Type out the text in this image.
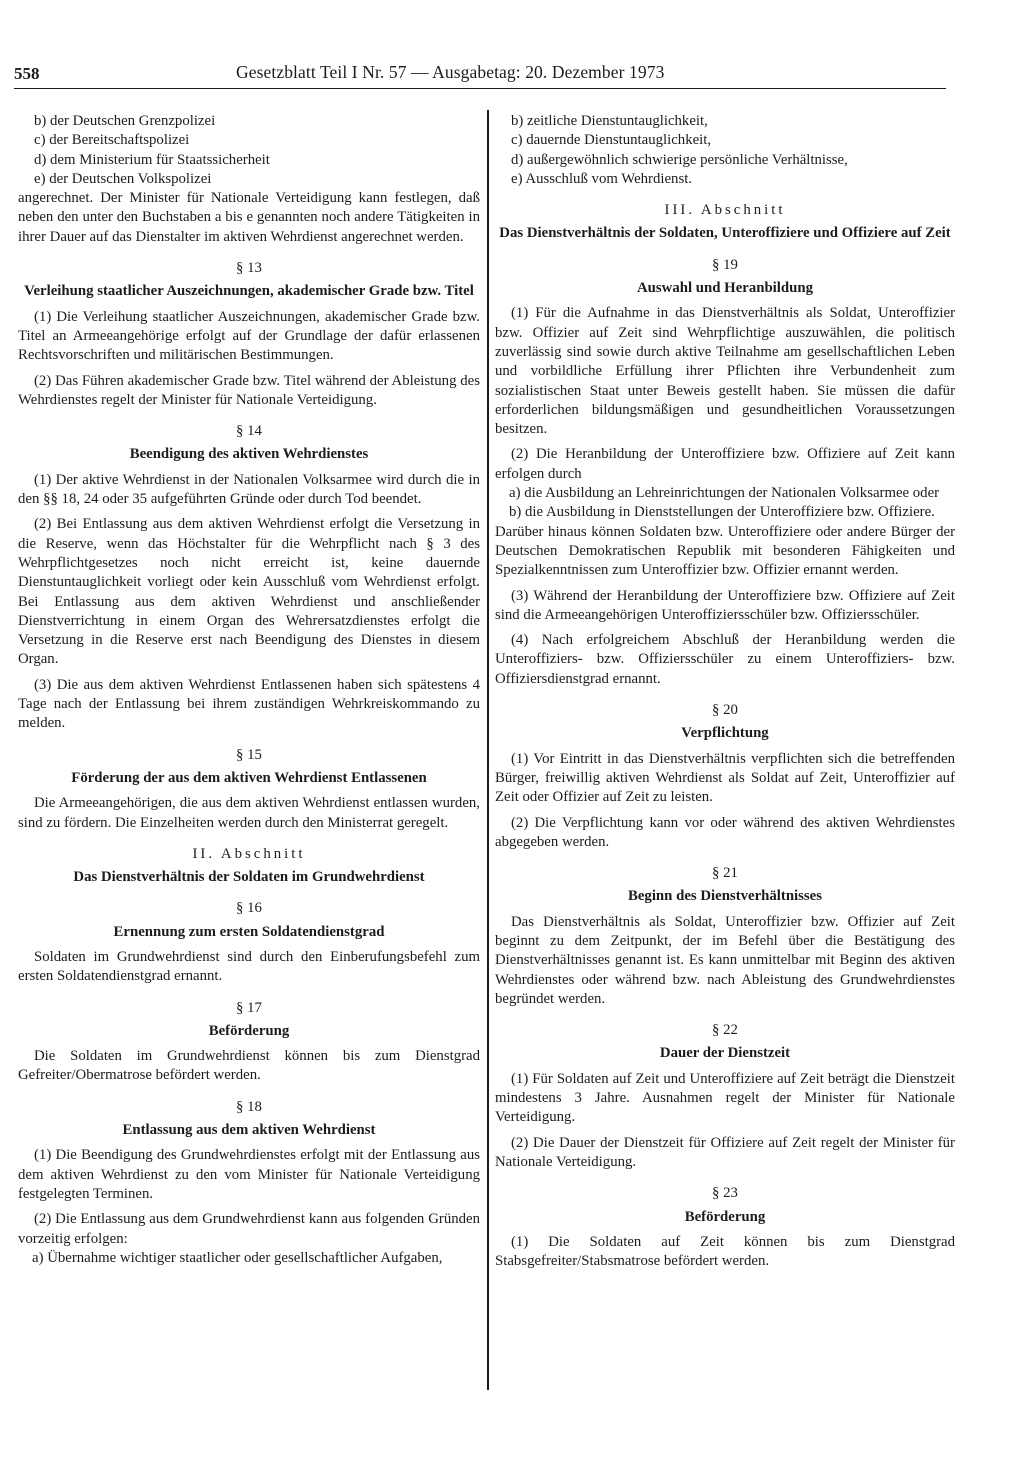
558	Gesetzblatt Teil I Nr. 57 — Ausgabetag: 20. Dezember 1973

b) der Deutschen Grenzpolizei

c) der Bereitschaftspolizei

d) dem Ministerium für Staatssicherheit

e) der Deutschen Volkspolizei

angerechnet. Der Minister für Nationale Verteidigung kann festlegen, daß neben den unter den Buchstaben a bis e genannten noch andere Tätigkeiten in ihrer Dauer auf das Dienstalter im aktiven Wehrdienst angerechnet werden.

§ 13

Verleihung staatlicher Auszeichnungen, akademischer Grade bzw. Titel

(1) Die Verleihung staatlicher Auszeichnungen, akademischer Grade bzw. Titel an Armeeangehörige erfolgt auf der Grundlage der dafür erlassenen Rechtsvorschriften und militärischen Bestimmungen.

(2) Das Führen akademischer Grade bzw. Titel während der Ableistung des Wehrdienstes regelt der Minister für Nationale Verteidigung.

§ 14

Beendigung des aktiven Wehrdienstes

(1) Der aktive Wehrdienst in der Nationalen Volksarmee wird durch die in den §§ 18, 24 oder 35 aufgeführten Gründe oder durch Tod beendet.

(2) Bei Entlassung aus dem aktiven Wehrdienst erfolgt die Versetzung in die Reserve, wenn das Höchstalter für die Wehrpflicht nach § 3 des Wehrpflichtgesetzes noch nicht erreicht ist, keine dauernde Dienstuntauglichkeit vorliegt oder kein Ausschluß vom Wehrdienst erfolgt. Bei Entlassung aus dem aktiven Wehrdienst und anschließender Dienstverrichtung in einem Organ des Wehrersatzdienstes erfolgt die Versetzung in die Reserve erst nach Beendigung des Dienstes in diesem Organ.

(3) Die aus dem aktiven Wehrdienst Entlassenen haben sich spätestens 4 Tage nach der Entlassung bei ihrem zuständigen Wehrkreiskommando zu melden.

§ 15

Förderung der aus dem aktiven Wehrdienst Entlassenen

Die Armeeangehörigen, die aus dem aktiven Wehrdienst entlassen wurden, sind zu fördern. Die Einzelheiten werden durch den Ministerrat geregelt.

II. Abschnitt

Das Dienstverhältnis der Soldaten im Grundwehrdienst

§ 16

Ernennung zum ersten Soldatendienstgrad

Soldaten im Grundwehrdienst sind durch den Einberufungsbefehl zum ersten Soldatendienstgrad ernannt.

§ 17

Beförderung

Die Soldaten im Grundwehrdienst können bis zum Dienstgrad Gefreiter/Obermatrose befördert werden.

§ 18

Entlassung aus dem aktiven Wehrdienst

(1) Die Beendigung des Grundwehrdienstes erfolgt mit der Entlassung aus dem aktiven Wehrdienst zu den vom Minister für Nationale Verteidigung festgelegten Terminen.

(2) Die Entlassung aus dem Grundwehrdienst kann aus folgenden Gründen vorzeitig erfolgen:

a) Übernahme wichtiger staatlicher oder gesellschaftlicher Aufgaben,

b) zeitliche Dienstuntauglichkeit,

c) dauernde Dienstuntauglichkeit,

d) außergewöhnlich schwierige persönliche Verhältnisse,

e) Ausschluß vom Wehrdienst.

III. Abschnitt

Das Dienstverhältnis der Soldaten, Unteroffiziere und Offiziere auf Zeit

§ 19

Auswahl und Heranbildung

(1) Für die Aufnahme in das Dienstverhältnis als Soldat, Unteroffizier bzw. Offizier auf Zeit sind Wehrpflichtige auszuwählen, die politisch zuverlässig sind sowie durch aktive Teilnahme am gesellschaftlichen Leben und vorbildliche Erfüllung ihrer Pflichten ihre Verbundenheit zum sozialistischen Staat unter Beweis gestellt haben. Sie müssen die dafür erforderlichen bildungsmäßigen und gesundheitlichen Voraussetzungen besitzen.

(2) Die Heranbildung der Unteroffiziere bzw. Offiziere auf Zeit kann erfolgen durch

a) die Ausbildung an Lehreinrichtungen der Nationalen Volksarmee oder

b) die Ausbildung in Dienststellungen der Unteroffiziere bzw. Offiziere.

Darüber hinaus können Soldaten bzw. Unteroffiziere oder andere Bürger der Deutschen Demokratischen Republik mit besonderen Fähigkeiten und Spezialkenntnissen zum Unteroffizier bzw. Offizier ernannt werden.

(3) Während der Heranbildung der Unteroffiziere bzw. Offiziere auf Zeit sind die Armeeangehörigen Unteroffiziersschüler bzw. Offiziersschüler.

(4) Nach erfolgreichem Abschluß der Heranbildung werden die Unteroffiziers- bzw. Offiziersschüler zu einem Unteroffiziers- bzw. Offiziersdienstgrad ernannt.

§ 20

Verpflichtung

(1) Vor Eintritt in das Dienstverhältnis verpflichten sich die betreffenden Bürger, freiwillig aktiven Wehrdienst als Soldat auf Zeit, Unteroffizier auf Zeit oder Offizier auf Zeit zu leisten.

(2) Die Verpflichtung kann vor oder während des aktiven Wehrdienstes abgegeben werden.

§ 21

Beginn des Dienstverhältnisses

Das Dienstverhältnis als Soldat, Unteroffizier bzw. Offizier auf Zeit beginnt zu dem Zeitpunkt, der im Befehl über die Bestätigung des Dienstverhältnisses genannt ist. Es kann unmittelbar mit Beginn des aktiven Wehrdienstes oder während bzw. nach Ableistung des Grundwehrdienstes begründet werden.

§ 22

Dauer der Dienstzeit

(1) Für Soldaten auf Zeit und Unteroffiziere auf Zeit beträgt die Dienstzeit mindestens 3 Jahre. Ausnahmen regelt der Minister für Nationale Verteidigung.

(2) Die Dauer der Dienstzeit für Offiziere auf Zeit regelt der Minister für Nationale Verteidigung.

§ 23

Beförderung

(1) Die Soldaten auf Zeit können bis zum Dienstgrad Stabsgefreiter/Stabsmatrose befördert werden.
